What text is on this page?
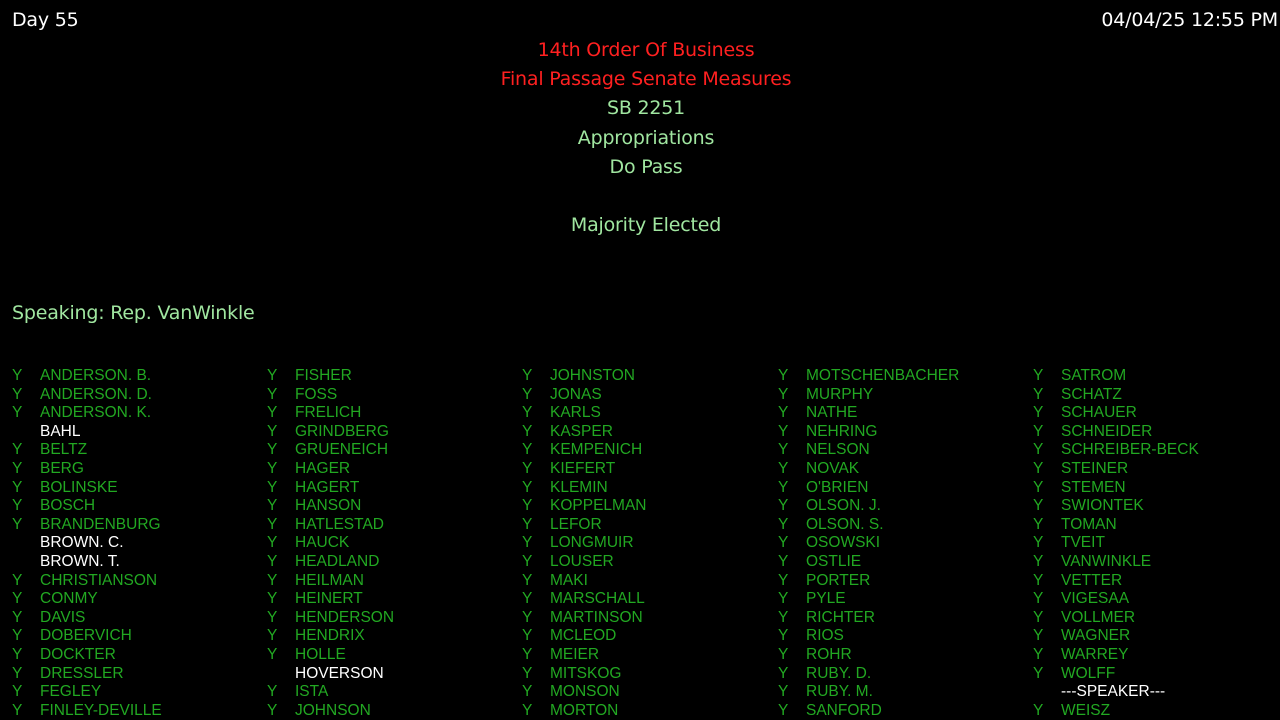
Day 55	04/04/25 12:55 PM
14th Order Of Business
Final Passage Senate Measures
SB 2251
Appropriations
Do Pass
Majority Elected
Speaking: Rep. VanWinkle
Y ANDERSON. B.
Y ANDERSON. D.
Y ANDERSON. K.
BAHL
Y BELTZ
Y BERG
Y BOLINSKE
Y BOSCH
Y BRANDENBURG
BROWN. C.
BROWN. T.
Y CHRISTIANSON
Y CONMY
Y DAVIS
Y DOBERVICH
Y DOCKTER
Y DRESSLER
Y FEGLEY
Y FINLEY-DEVILLE
Y FISHER
Y FOSS
Y FRELICH
Y GRINDBERG
Y GRUENEICH
Y HAGER
Y HAGERT
Y HANSON
Y HATLESTAD
Y HAUCK
Y HEADLAND
Y HEILMAN
Y HEINERT
Y HENDERSON
Y HENDRIX
Y HOLLE
HOVERSON
Y ISTA
Y JOHNSON
Y JOHNSTON
Y JONAS
Y KARLS
Y KASPER
Y KEMPENICH
Y KIEFERT
Y KLEMIN
Y KOPPELMAN
Y LEFOR
Y LONGMUIR
Y LOUSER
Y MAKI
Y MARSCHALL
Y MARTINSON
Y MCLEOD
Y MEIER
Y MITSKOG
Y MONSON
Y MORTON
Y MOTSCHENBACHER
Y MURPHY
Y NATHE
Y NEHRING
Y NELSON
Y NOVAK
Y O'BRIEN
Y OLSON. J.
Y OLSON. S.
Y OSOWSKI
Y OSTLIE
Y PORTER
Y PYLE
Y RICHTER
Y RIOS
Y ROHR
Y RUBY. D.
Y RUBY. M.
Y SANFORD
Y SATROM
Y SCHATZ
Y SCHAUER
Y SCHNEIDER
Y SCHREIBER-BECK
Y STEINER
Y STEMEN
Y SWIONTEK
Y TOMAN
Y TVEIT
Y VANWINKLE
Y VETTER
Y VIGESAA
Y VOLLMER
Y WAGNER
Y WARREY
Y WOLFF
---SPEAKER---
Y WEISZ
